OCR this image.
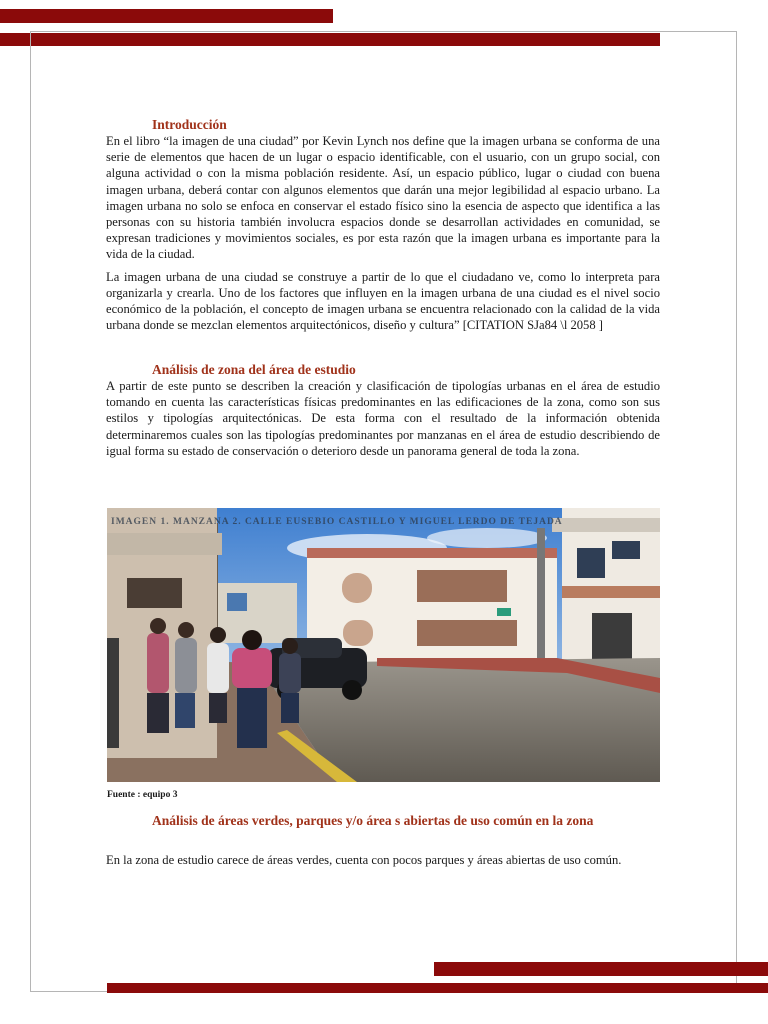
Introducción

En el libro “la imagen de una ciudad” por Kevin Lynch nos define que la imagen urbana se conforma de una serie de elementos que hacen de un lugar o espacio identificable, con el usuario, con un grupo social, con alguna actividad o con la misma población residente. Así, un espacio público, lugar o ciudad con buena imagen urbana, deberá contar con algunos elementos que darán una mejor legibilidad al espacio urbano. La imagen urbana no solo se enfoca en conservar el estado físico sino la esencia de aspecto que identifica a las personas con su historia también involucra espacios donde se desarrollan actividades en comunidad, se expresan tradiciones y movimientos sociales, es por esta razón que la imagen urbana es importante para la vida de la ciudad.

La imagen urbana de una ciudad se construye a partir de lo que el ciudadano ve, como lo interpreta para organizarla y crearla. Uno de los factores que influyen en la imagen urbana de una ciudad es el nivel socio económico de la población, el concepto de imagen urbana se encuentra relacionado con la calidad de la vida urbana donde se mezclan elementos arquitectónicos, diseño y cultura” [CITATION SJa84 \l 2058 ]

Análisis de zona del área de estudio

A partir de este punto se describen la creación y clasificación de tipologías urbanas en el área de estudio tomando en cuenta las características físicas predominantes en las edificaciones de la zona, como son sus estilos y tipologías arquitectónicas. De esta forma con el resultado de la información obtenida determinaremos cuales son las tipologías predominantes por manzanas en el área de estudio describiendo de igual forma su estado de conservación o deterioro desde un panorama general de toda la zona.

IMAGEN 1. MANZANA 2. CALLE EUSEBIO CASTILLO Y MIGUEL LERDO DE TEJADA
Fuente : equipo 3
Análisis de áreas verdes, parques y/o área s abiertas de uso común en la zona

En la zona de estudio carece de áreas verdes, cuenta con pocos parques y áreas abiertas de uso común.
